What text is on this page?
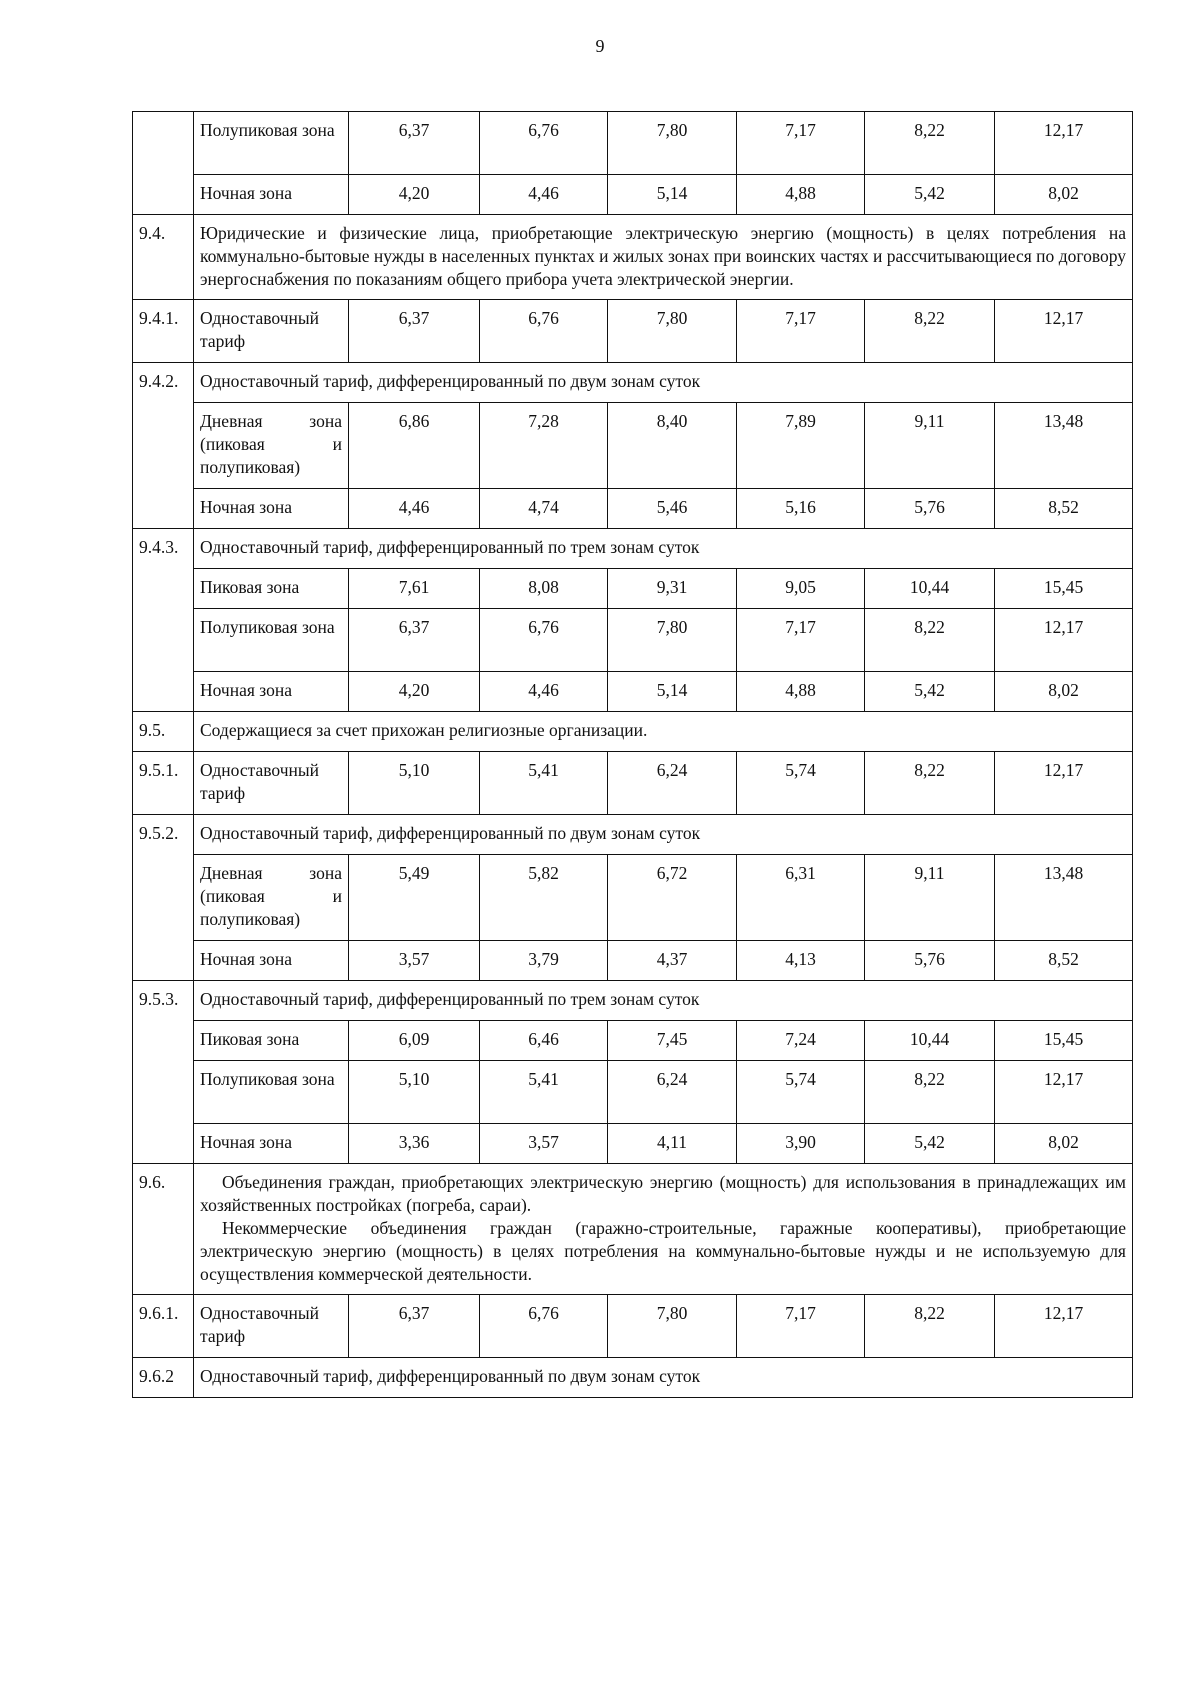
9
	Полупиковая зона	6,37	6,76	7,80	7,17	8,22	12,17
	Ночная зона	4,20	4,46	5,14	4,88	5,42	8,02
9.4.	Юридические и физические лица, приобретающие электрическую энергию (мощность) в целях потребления на коммунально-бытовые нужды в населенных пунктах и жилых зонах при воинских частях и рассчитывающиеся по договору энергоснабжения по показаниям общего прибора учета электрической энергии.						
9.4.1.	Одноставочный тариф	6,37	6,76	7,80	7,17	8,22	12,17
9.4.2.	Одноставочный тариф, дифференцированный по двум зонам суток						
	Дневная зона (пиковая и полупиковая)	6,86	7,28	8,40	7,89	9,11	13,48
	Ночная зона	4,46	4,74	5,46	5,16	5,76	8,52
9.4.3.	Одноставочный тариф, дифференцированный по трем зонам суток						
	Пиковая зона	7,61	8,08	9,31	9,05	10,44	15,45
	Полупиковая зона	6,37	6,76	7,80	7,17	8,22	12,17
	Ночная зона	4,20	4,46	5,14	4,88	5,42	8,02
9.5.	Содержащиеся за счет прихожан религиозные организации.						
9.5.1.	Одноставочный тариф	5,10	5,41	6,24	5,74	8,22	12,17
9.5.2.	Одноставочный тариф, дифференцированный по двум зонам суток						
	Дневная зона (пиковая и полупиковая)	5,49	5,82	6,72	6,31	9,11	13,48
	Ночная зона	3,57	3,79	4,37	4,13	5,76	8,52
9.5.3.	Одноставочный тариф, дифференцированный по трем зонам суток						
	Пиковая зона	6,09	6,46	7,45	7,24	10,44	15,45
	Полупиковая зона	5,10	5,41	6,24	5,74	8,22	12,17
	Ночная зона	3,36	3,57	4,11	3,90	5,42	8,02
9.6.	Объединения граждан, приобретающих электрическую энергию (мощность) для использования в принадлежащих им хозяйственных постройках (погреба, сараи).

Некоммерческие объединения граждан (гаражно-строительные, гаражные кооперативы), приобретающие электрическую энергию (мощность) в целях потребления на коммунально-бытовые нужды и не используемую для осуществления коммерческой деятельности.						

9.6.1.	Одноставочный тариф	6,37	6,76	7,80	7,17	8,22	12,17
9.6.2	Одноставочный тариф, дифференцированный по двум зонам суток						
